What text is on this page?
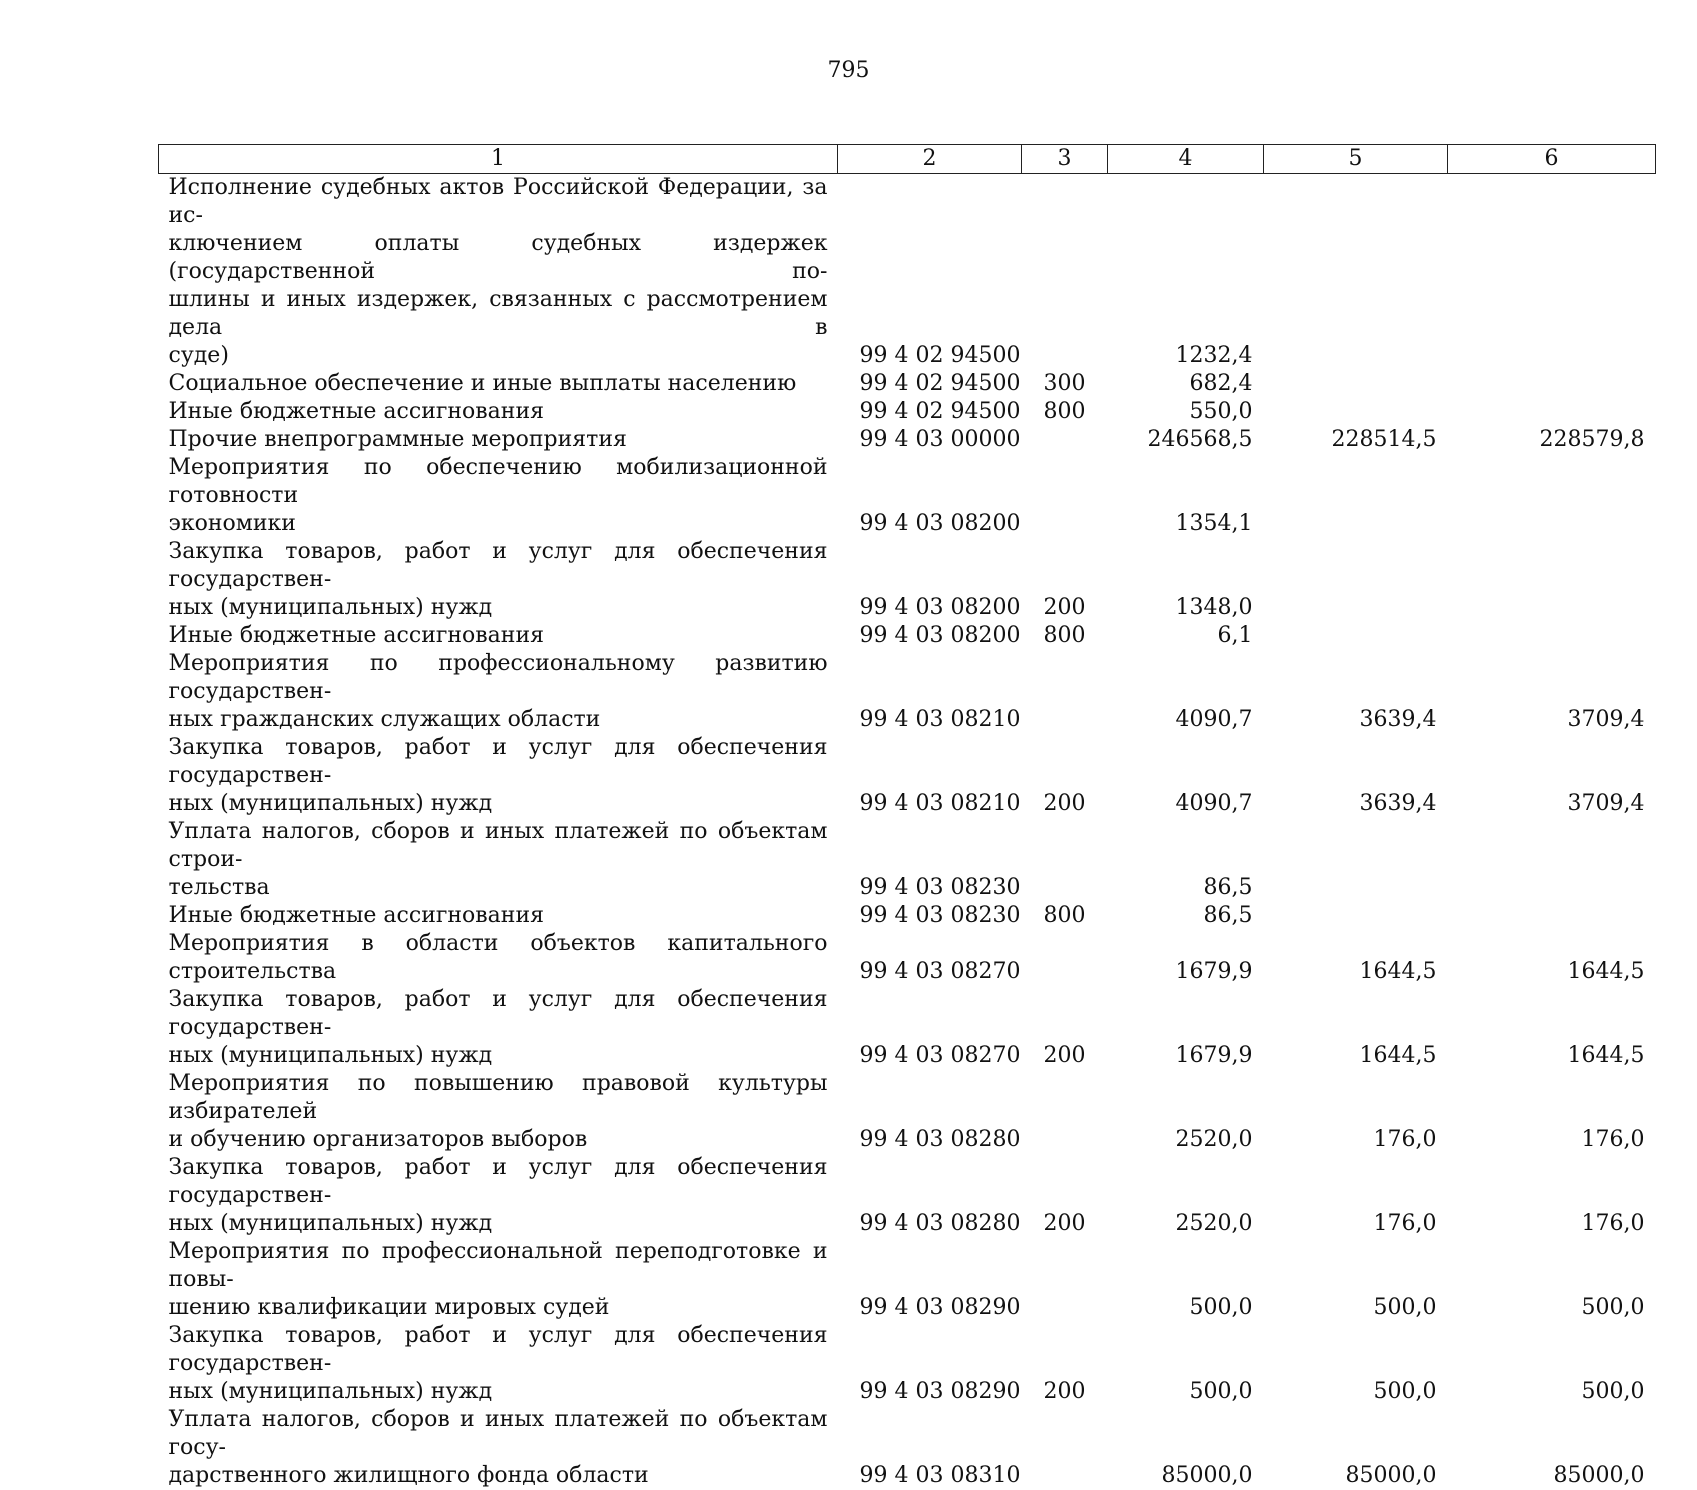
795
1	2	3	4	5	6

Исполнение судебных актов Российской Федерации, за ис-
ключением оплаты судебных издержек (государственной по-
шлины и иных издержек, связанных с рассмотрением дела в
суде)	99 4 02 94500		1232,4		

Социальное обеспечение и иные выплаты населению	99 4 02 94500	300	682,4		

Иные бюджетные ассигнования	99 4 02 94500	800	550,0		

Прочие внепрограммные мероприятия	99 4 03 00000		246568,5	228514,5	228579,8

Мероприятия по обеспечению мобилизационной готовности
экономики	99 4 03 08200		1354,1		

Закупка товаров, работ и услуг для обеспечения государствен-
ных (муниципальных) нужд	99 4 03 08200	200	1348,0		

Иные бюджетные ассигнования	99 4 03 08200	800	6,1		

Мероприятия по профессиональному развитию государствен-
ных гражданских служащих области	99 4 03 08210		4090,7	3639,4	3709,4

Закупка товаров, работ и услуг для обеспечения государствен-
ных (муниципальных) нужд	99 4 03 08210	200	4090,7	3639,4	3709,4

Уплата налогов, сборов и иных платежей по объектам строи-
тельства	99 4 03 08230		86,5		

Иные бюджетные ассигнования	99 4 03 08230	800	86,5		

Мероприятия в области объектов капитального строительства	99 4 03 08270		1679,9	1644,5	1644,5

Закупка товаров, работ и услуг для обеспечения государствен-
ных (муниципальных) нужд	99 4 03 08270	200	1679,9	1644,5	1644,5

Мероприятия по повышению правовой культуры избирателей
и обучению организаторов выборов	99 4 03 08280		2520,0	176,0	176,0

Закупка товаров, работ и услуг для обеспечения государствен-
ных (муниципальных) нужд	99 4 03 08280	200	2520,0	176,0	176,0

Мероприятия по профессиональной переподготовке и повы-
шению квалификации мировых судей	99 4 03 08290		500,0	500,0	500,0

Закупка товаров, работ и услуг для обеспечения государствен-
ных (муниципальных) нужд	99 4 03 08290	200	500,0	500,0	500,0

Уплата налогов, сборов и иных платежей по объектам госу-
дарственного жилищного фонда области	99 4 03 08310		85000,0	85000,0	85000,0
